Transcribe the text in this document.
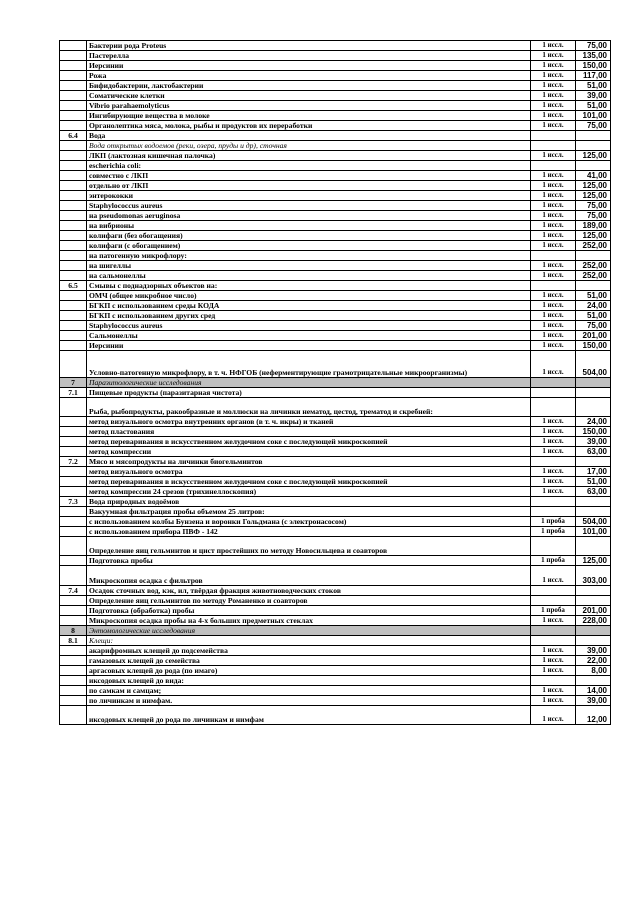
	Бактерии рода Proteus	1 иссл.	75,00
	Пастерелла	1 иссл.	135,00
	Иерсинии	1 иссл.	150,00
	Рожа	1 иссл.	117,00
	Бифидобактерии, лактобактерии	1 иссл.	51,00
	Соматические клетки	1 иссл.	39,00
	Vibrio parahaemolyticus	1 иссл.	51,00
	Ингибирующие вещества в молоке	1 иссл.	101,00
	Органолептика мяса, молока, рыбы и продуктов их переработки	1 иссл.	75,00
6.4	Вода		
	Вода открытых водоемов (реки, озера, пруды и др), сточная		
	ЛКП (лактозная кишечная палочка)	1 иссл.	125,00
	escherichia coli:		
	совместно с ЛКП	1 иссл.	41,00
	отдельно от ЛКП	1 иссл.	125,00
	энтерококки	1 иссл.	125,00
	Staphylococcus aureus	1 иссл.	75,00
	на pseudomonas aeruginosa	1 иссл.	75,00
	на вибрионы	1 иссл.	189,00
	колифаги (без обогащения)	1 иссл.	125,00
	колифаги (с обогащением)	1 иссл.	252,00
	на патогенную микрофлору:		
	на шигеллы	1 иссл.	252,00
	на сальмонеллы	1 иссл.	252,00
6.5	Смывы с поднадзорных объектов на:		
	ОМЧ (общее микробное число)	1 иссл.	51,00
	БГКП с использованием среды КОДА	1 иссл.	24,00
	БГКП с использованием других сред	1 иссл.	51,00
	Staphylococcus aureus	1 иссл.	75,00
	Сальмонеллы	1 иссл.	201,00
	Иерсинии	1 иссл.	150,00
	Условно-патогенную микрофлору, в т. ч. НФГОБ (неферментирующие грамотрицательные микроорганизмы)	1 иссл.	504,00
7	Паразитологические исследования		
7.1	Пищевые продукты (паразитарная чистота)		
	Рыба, рыбопродукты, ракообразные и моллюски на личинки нематод, цестод, трематод и скребней:		
	метод визуального осмотра внутренних органов (в т. ч. икры) и тканей	1 иссл.	24,00
	метод пластования	1 иссл.	150,00
	метод переваривания в искусственном желудочном соке с последующей микроскопией	1 иссл.	39,00
	метод компрессии	1 иссл.	63,00
7.2	Мясо и мясопродукты на личинки биогельминтов		
	метод визуального осмотра	1 иссл.	17,00
	метод переваривания в искусственном желудочном соке с последующей микроскопией	1 иссл.	51,00
	метод компрессии 24 срезов (трихинеллоскопия)	1 иссл.	63,00
7.3	Вода природных водоёмов		
	Вакуумная фильтрация пробы объемом 25 литров:		
	с использованием колбы Бунзена и воронки Гольдмана (с электронасосом)	1 проба	504,00
	с использованием прибора ПВФ - 142	1 проба	101,00
	Определение яиц гельминтов и цист простейших по методу Новосильцева и соавторов		
	Подготовка пробы	1 проба	125,00
	Микроскопия осадка с фильтров	1 иссл.	303,00
7.4	Осадок сточных вод, кэк, ил, твёрдая фракция животноводческих стоков		
	Определение яиц гельминтов по методу Романенко и соавторов		
	Подготовка (обработка) пробы	1 проба	201,00
	Микроскопия осадка пробы на 4-х больших предметных стеклах	1 иссл.	228,00
8	Энтомологические исследования		
8.1	Клещи:		
	акарифромных клещей до подсемейства	1 иссл.	39,00
	гамазовых клещей до семейства	1 иссл.	22,00
	аргасовых клещей до рода (по имаго)	1 иссл.	8,00
	иксодовых клещей до вида:		
	по самкам и самцам;	1 иссл.	14,00
	по личинкам и нимфам.	1 иссл.	39,00
	иксодовых клещей до рода по личинкам и нимфам	1 иссл.	12,00
